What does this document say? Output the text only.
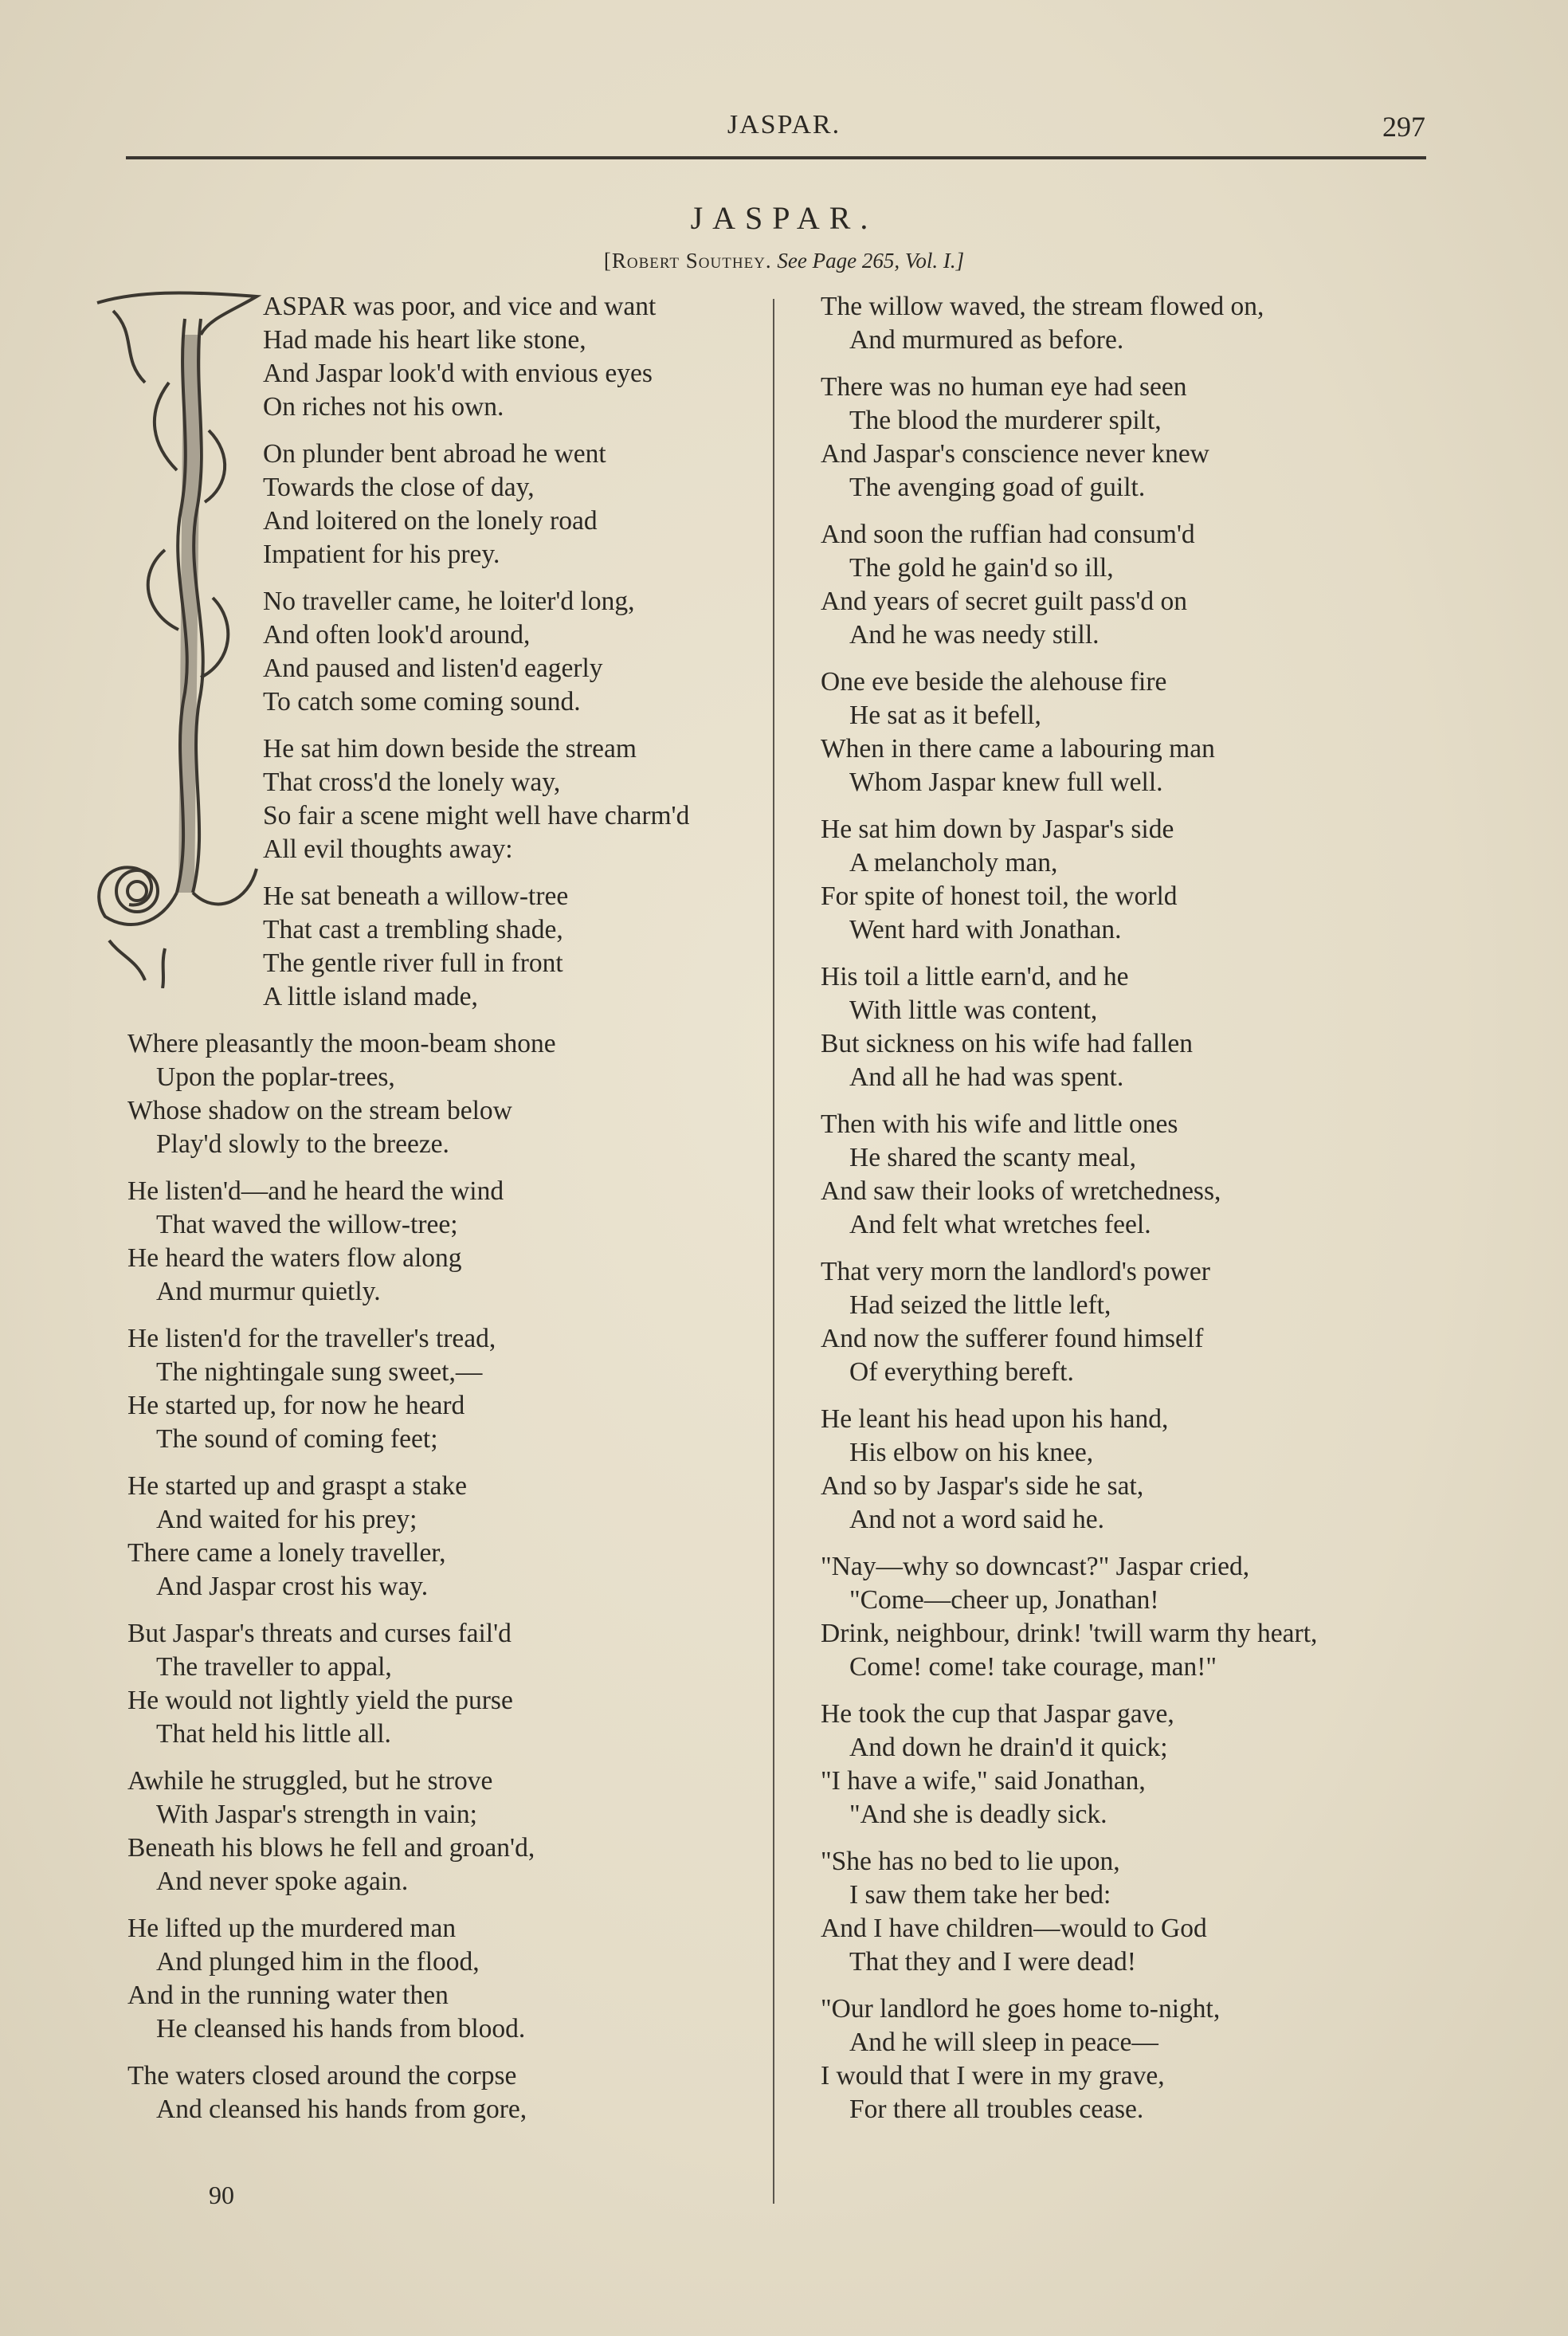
JASPAR.	297
JASPAR.
[Robert Southey. See Page 265, Vol. I.]
ASPAR was poor, and vice and want
Had made his heart like stone,
And Jaspar look'd with envious eyes
On riches not his own.
On plunder bent abroad he went
Towards the close of day,
And loitered on the lonely road
Impatient for his prey.
No traveller came, he loiter'd long,
And often look'd around,
And paused and listen'd eagerly
To catch some coming sound.
He sat him down beside the stream
That cross'd the lonely way,
So fair a scene might well have charm'd
All evil thoughts away:
He sat beneath a willow-tree
That cast a trembling shade,
The gentle river full in front
A little island made,
Where pleasantly the moon-beam shone
Upon the poplar-trees,
Whose shadow on the stream below
Play'd slowly to the breeze.
He listen'd—and he heard the wind
That waved the willow-tree;
He heard the waters flow along
And murmur quietly.
He listen'd for the traveller's tread,
The nightingale sung sweet,—
He started up, for now he heard
The sound of coming feet;
He started up and graspt a stake
And waited for his prey;
There came a lonely traveller,
And Jaspar crost his way.
But Jaspar's threats and curses fail'd
The traveller to appal,
He would not lightly yield the purse
That held his little all.
Awhile he struggled, but he strove
With Jaspar's strength in vain;
Beneath his blows he fell and groan'd,
And never spoke again.
He lifted up the murdered man
And plunged him in the flood,
And in the running water then
He cleansed his hands from blood.
The waters closed around the corpse
And cleansed his hands from gore,
The willow waved, the stream flowed on,
And murmured as before.
There was no human eye had seen
The blood the murderer spilt,
And Jaspar's conscience never knew
The avenging goad of guilt.
And soon the ruffian had consum'd
The gold he gain'd so ill,
And years of secret guilt pass'd on
And he was needy still.
One eve beside the alehouse fire
He sat as it befell,
When in there came a labouring man
Whom Jaspar knew full well.
He sat him down by Jaspar's side
A melancholy man,
For spite of honest toil, the world
Went hard with Jonathan.
His toil a little earn'd, and he
With little was content,
But sickness on his wife had fallen
And all he had was spent.
Then with his wife and little ones
He shared the scanty meal,
And saw their looks of wretchedness,
And felt what wretches feel.
That very morn the landlord's power
Had seized the little left,
And now the sufferer found himself
Of everything bereft.
He leant his head upon his hand,
His elbow on his knee,
And so by Jaspar's side he sat,
And not a word said he.
"Nay—why so downcast?" Jaspar cried,
"Come—cheer up, Jonathan!
Drink, neighbour, drink! 'twill warm thy heart,
Come! come! take courage, man!"
He took the cup that Jaspar gave,
And down he drain'd it quick;
"I have a wife," said Jonathan,
"And she is deadly sick.
"She has no bed to lie upon,
I saw them take her bed:
And I have children—would to God
That they and I were dead!
"Our landlord he goes home to-night,
And he will sleep in peace—
I would that I were in my grave,
For there all troubles cease.
90
